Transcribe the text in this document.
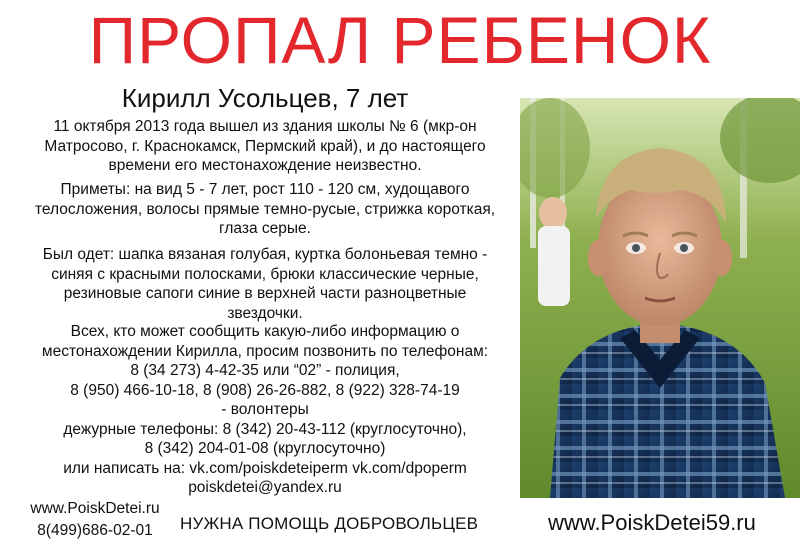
ПРОПАЛ РЕБЕНОК
Кирилл Усольцев, 7 лет
11 октября 2013 года вышел из здания школы № 6 (мкр-он
Матросово, г. Краснокамск, Пермский край), и до настоящего
времени его местонахождение неизвестно.
Приметы: на вид 5 - 7 лет, рост 110 - 120 см, худощавого
телосложения, волосы прямые темно-русые, стрижка короткая,
глаза серые.
Был одет: шапка вязаная голубая, куртка болоньевая темно -
синяя с красными полосками, брюки классические черные,
резиновые сапоги синие в верхней части разноцветные
звездочки.
Всех, кто может сообщить какую-либо информацию о
местонахождении Кирилла, просим позвонить по телефонам:
8 (34 273) 4-42-35 или “02” - полиция,
8 (950) 466-10-18, 8 (908) 26-26-882, 8 (922) 328-74-19
- волонтеры
дежурные телефоны: 8 (342) 20-43-112 (круглосуточно),
8 (342) 204-01-08 (круглосуточно)
или написать на: vk.com/poiskdeteiperm vk.com/dpoperm
poiskdetei@yandex.ru
www.PoiskDetei.ru
8(499)686-02-01	НУЖНА ПОМОЩЬ ДОБРОВОЛЬЦЕВ	www.PoiskDetei59.ru
